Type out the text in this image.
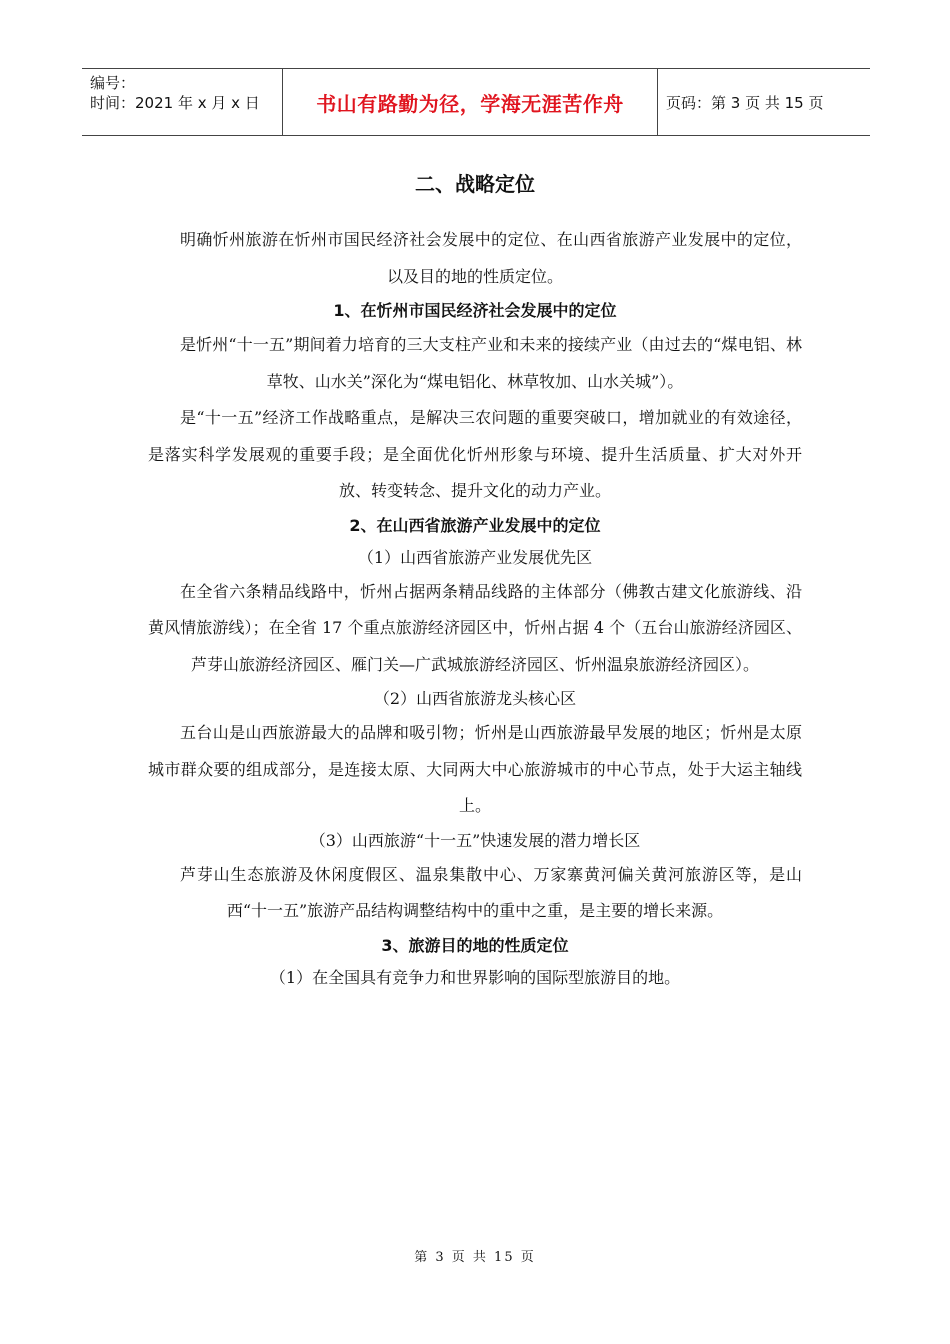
编号：
时间：2021 年 x 月 x 日	书山有路勤为径，学海无涯苦作舟	页码：第 3 页 共 15 页
二、战略定位

明确忻州旅游在忻州市国民经济社会发展中的定位、在山西省旅游产业发展中的定位，以及目的地的性质定位。

1、在忻州市国民经济社会发展中的定位

是忻州“十一五”期间着力培育的三大支柱产业和未来的接续产业（由过去的“煤电铝、林草牧、山水关”深化为“煤电铝化、林草牧加、山水关城”）。

是“十一五”经济工作战略重点，是解决三农问题的重要突破口，增加就业的有效途径，是落实科学发展观的重要手段；是全面优化忻州形象与环境、提升生活质量、扩大对外开放、转变转念、提升文化的动力产业。

2、在山西省旅游产业发展中的定位

（1）山西省旅游产业发展优先区

在全省六条精品线路中，忻州占据两条精品线路的主体部分（佛教古建文化旅游线、沿黄风情旅游线）；在全省 17 个重点旅游经济园区中，忻州占据 4 个（五台山旅游经济园区、芦芽山旅游经济园区、雁门关—广武城旅游经济园区、忻州温泉旅游经济园区）。

（2）山西省旅游龙头核心区

五台山是山西旅游最大的品牌和吸引物；忻州是山西旅游最早发展的地区；忻州是太原城市群众要的组成部分，是连接太原、大同两大中心旅游城市的中心节点，处于大运主轴线上。

（3）山西旅游“十一五”快速发展的潜力增长区

芦芽山生态旅游及休闲度假区、温泉集散中心、万家寨黄河偏关黄河旅游区等，是山西“十一五”旅游产品结构调整结构中的重中之重，是主要的增长来源。

3、旅游目的地的性质定位

（1）在全国具有竞争力和世界影响的国际型旅游目的地。

第 3 页 共 15 页
